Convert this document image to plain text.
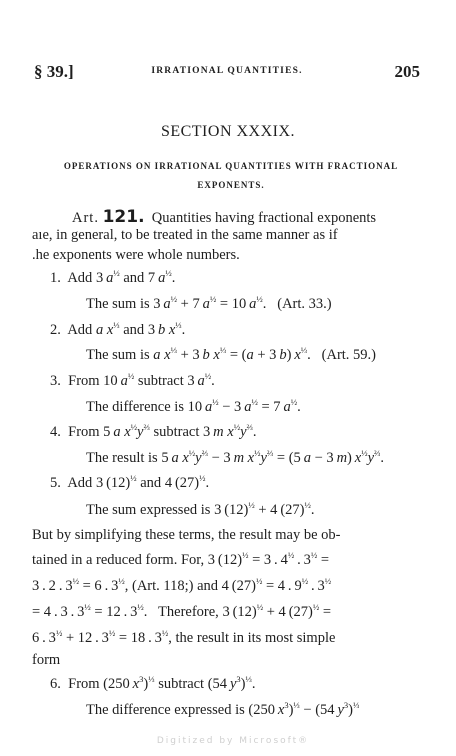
§ 39.]	IRRATIONAL QUANTITIES.	205
SECTION XXXIX.
OPERATIONS ON IRRATIONAL QUANTITIES WITH FRACTIONAL
EXPONENTS.
Art. 121. Quantities having fractional exponents
aıe, in general, to be treated in the same manner as if
.he exponents were whole numbers.
1. Add 3 $a^{\frac{1}{2}}$ and 7 $a^{\frac{1}{2}}$.
The sum is 3 $a^{\frac{1}{2}} + 7$ $a^{\frac{1}{2}} = 10$ $a^{\frac{1}{2}}$.   (Art. 33.)
2. Add a $x^{\frac{1}{3}}$ and 3 b $x^{\frac{1}{3}}$.
The sum is a $x^{\frac{1}{3}} + 3$ b $x^{\frac{1}{3}} = (a + 3$ b) $x^{\frac{1}{3}}$.   (Art. 59.)
3. From 10 $a^{\frac{1}{2}}$ subtract 3 $a^{\frac{1}{2}}$.
The difference is 10 $a^{\frac{1}{2}} - 3$ $a^{\frac{1}{2}} = 7$ $a^{\frac{1}{2}}$.
4. From 5 a $x^{\frac{1}{2}}y^{\frac{2}{3}}$ subtract 3 m $x^{\frac{1}{2}}y^{\frac{2}{3}}$.
The result is 5 a $x^{\frac{1}{2}}y^{\frac{2}{3}} - 3$ m $x^{\frac{1}{2}}y^{\frac{2}{3}} = (5$ a − 3 m) $x^{\frac{1}{2}}y^{\frac{2}{3}}$.
5. Add 3 $(12)^{\frac{1}{2}}$ and 4 $(27)^{\frac{1}{2}}$.
The sum expressed is 3 $(12)^{\frac{1}{2}} + 4$ $(27)^{\frac{1}{2}}$.
But by simplifying these terms, the result may be ob-
tained in a reduced form. For, 3 $(12)^{\frac{1}{2}} = 3$ . $4^{\frac{1}{2}}$ . $3^{\frac{1}{2}}$ =
3 . 2 . $3^{\frac{1}{2}} = 6$ . $3^{\frac{1}{2}}$, (Art. 118;) and 4 $(27)^{\frac{1}{2}} = 4$ . $9^{\frac{1}{2}}$ . $3^{\frac{1}{2}}$
= 4 . 3 . $3^{\frac{1}{2}} = 12$ . $3^{\frac{1}{2}}$.   Therefore, 3 $(12)^{\frac{1}{2}} + 4$ $(27)^{\frac{1}{2}}$ =
6 . $3^{\frac{1}{2}} + 12$ . $3^{\frac{1}{2}} = 18$ . $3^{\frac{1}{2}}$, the result in its most simple
form
6. From (250 $x^3)^{\frac{1}{3}}$ subtract (54 $y^3)^{\frac{1}{3}}$.
The difference expressed is (250 $x^3)^{\frac{1}{3}} - (54$ $y^3)^{\frac{1}{3}}$
Digitized by Microsoft®
